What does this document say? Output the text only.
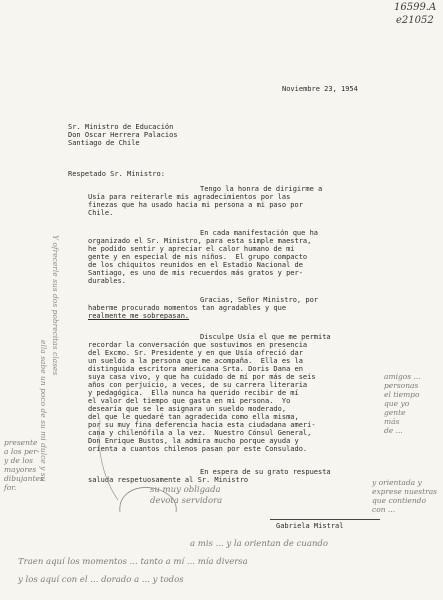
16599.A
e21052
Noviembre 23, 1954
Sr. Ministro de Educación
Don Oscar Herrera Palacios
Santiago de Chile
Respetado Sr. Ministro:
Tengo la honra de dirigirme a
Usía para reiterarle mis agradecimientos por las
finezas que ha usado hacia mi persona a mi paso por
Chile.
En cada manifestación que ha
organizado el Sr. Ministro, para esta simple maestra,
he podido sentir y apreciar el calor humano de mi
gente y en especial de mis niños.  El grupo compacto
de los chiquitos reunidos en el Estadio Nacional de
Santiago, es uno de mis recuerdos más gratos y per-
durables.
Gracias, Señor Ministro, por
haberme procurado momentos tan agradables y que
realmente me sobrepasan.
Disculpe Usía el que me permita
recordar la conversación que sostuvimos en presencia
del Excmo. Sr. Presidente y en que Usía ofreció dar
un sueldo a la persona que me acompaña.  Ella es la
distinguida escritora americana Srta. Doris Dana en
suya casa vivo, y que ha cuidado de mí por más de seis
años con perjuicio, a veces, de su carrera literaria
y pedagógica.  Ella nunca ha querido recibir de mí
el valor del tiempo que gasta en mi persona.  Yo
desearía que se le asignara un sueldo moderado,
del que le quedaré tan agradecida como ella misma,
por su muy fina deferencia hacia esta ciudadana ameri-
cana y chilenófila a la vez.  Nuestro Cónsul General,
Don Enrique Bustos, la admira mucho porque ayuda y
orienta a cuantos chilenos pasan por este Consulado.
En espera de su grato respuesta
saluda respetuosamente al Sr. Ministro
su muy obligada
devota servidora
Gabriela Mistral
Y ofrecerle sus dos pobrecitas clases
ella sabe un poco de su mi dulce y su
presente
a los per-
y de los
mayores
dibujantes
for.
amigos ...
personas
el tiempo
que yo
gente
más
de ...
y orientada y
exprese nuestras
que contiendo
con ...
a mis ... y la orientan de cuando
Traen aquí los momentos ... tanto a mí ... mía diversa
y los aquí con el ... dorado a ... y todos
